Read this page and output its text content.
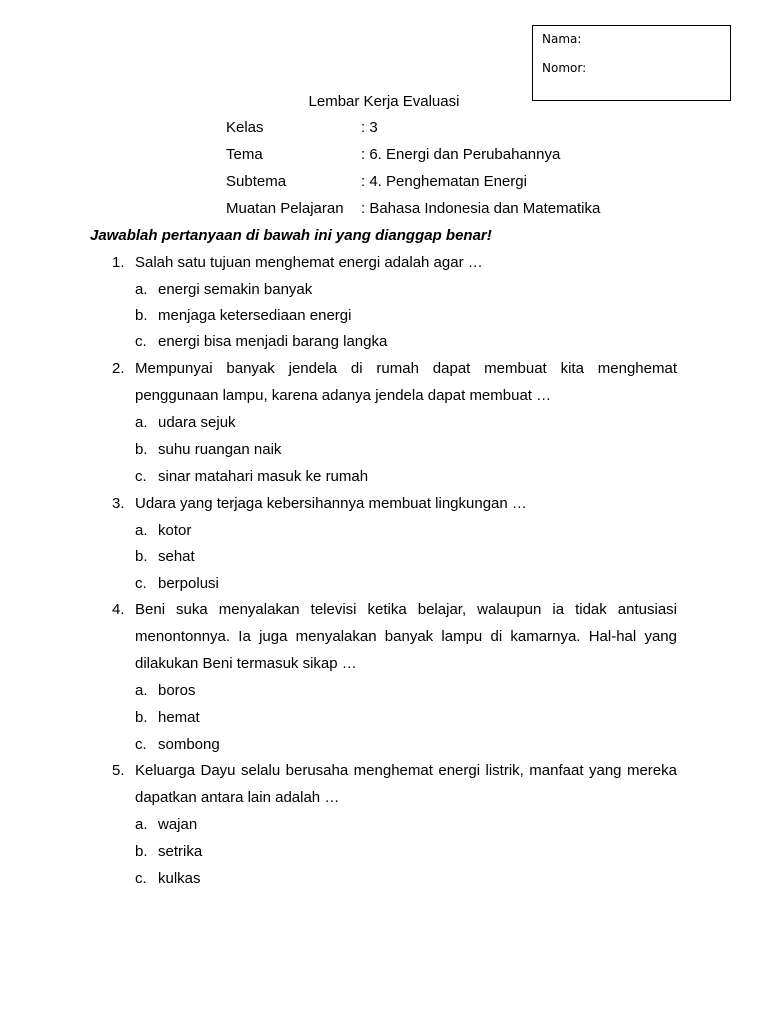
Nama:
Nomor:
Lembar Kerja Evaluasi
Kelas	: 3
Tema	: 6. Energi dan Perubahannya
Subtema	: 4. Penghematan Energi
Muatan Pelajaran : Bahasa Indonesia dan Matematika
Jawablah pertanyaan di bawah ini yang dianggap benar!
1. Salah satu tujuan menghemat energi adalah agar …
a. energi semakin banyak
b. menjaga ketersediaan energi
c. energi bisa menjadi barang langka
2. Mempunyai banyak jendela di rumah dapat membuat kita menghemat
penggunaan lampu, karena adanya jendela dapat membuat …
a. udara sejuk
b. suhu ruangan naik
c. sinar matahari masuk ke rumah
3. Udara yang terjaga kebersihannya membuat lingkungan …
a. kotor
b. sehat
c. berpolusi
4. Beni suka menyalakan televisi ketika belajar, walaupun ia tidak antusiasi
menontonnya. Ia juga menyalakan banyak lampu di kamarnya. Hal-hal yang
dilakukan Beni termasuk sikap …
a. boros
b. hemat
c. sombong
5. Keluarga Dayu selalu berusaha menghemat energi listrik, manfaat yang mereka
dapatkan antara lain adalah …
a. wajan
b. setrika
c. kulkas
